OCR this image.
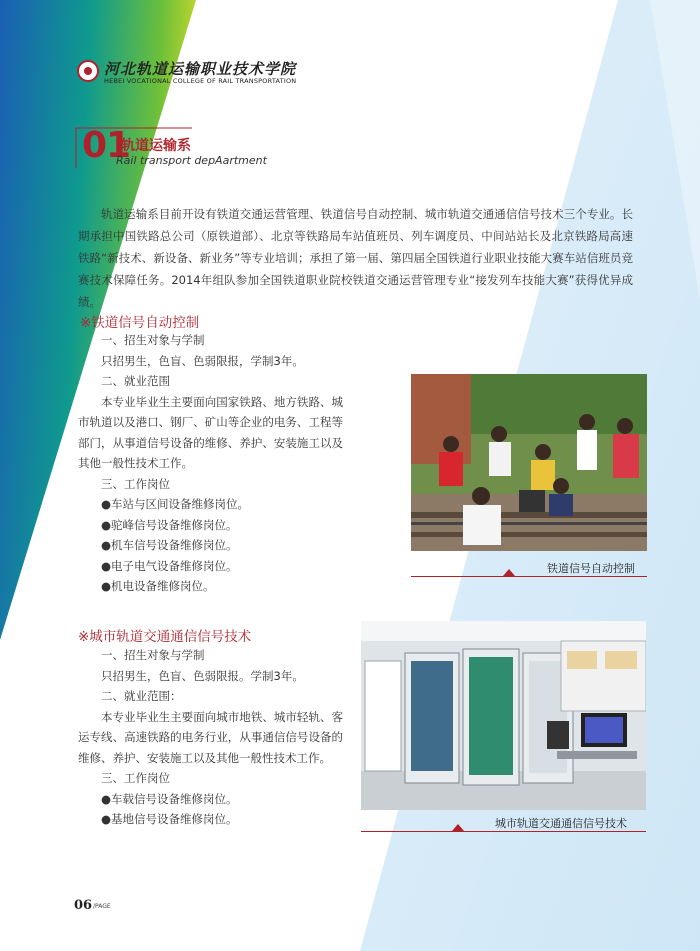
河北轨道运输职业技术学院
HEBEI VOCATIONAL COLLEGE OF RAIL TRANSPORTATION
01
轨道运输系
Rail transport depAartment

轨道运输系目前开设有铁道交通运营管理、铁道信号自动控制、城市轨道交通通信信号技术三个专业。长期承担中国铁路总公司（原铁道部）、北京等铁路局车站值班员、列车调度员、中间站站长及北京铁路局高速铁路“新技术、新设备、新业务”等专业培训；承担了第一届、第四届全国铁道行业职业技能大赛车站信班员竞赛技术保障任务。2014年组队参加全国铁道职业院校铁道交通运营管理专业“接发列车技能大赛”获得优异成绩。

※铁道信号自动控制

一、招生对象与学制

只招男生，色盲、色弱限报，学制3年。

二、就业范围

本专业毕业生主要面向国家铁路、地方铁路、城市轨道以及港口、钢厂、矿山等企业的电务、工程等部门，从事道信号设备的维修、养护、安装施工以及其他一般性技术工作。

三、工作岗位

●车站与区间设备维修岗位。

●驼峰信号设备维修岗位。

●机车信号设备维修岗位。

●电子电气设备维修岗位。

●机电设备维修岗位。

铁道信号自动控制
※城市轨道交通通信信号技术

一、招生对象与学制

只招男生，色盲、色弱限报。学制3年。

二、就业范围：

本专业毕业生主要面向城市地铁、城市轻轨、客运专线、高速铁路的电务行业，从事通信信号设备的维修、养护、安装施工以及其他一般性技术工作。

三、工作岗位

●车载信号设备维修岗位。

●基地信号设备维修岗位。	城市轨道交通通信信号技术
06 /PAGE
